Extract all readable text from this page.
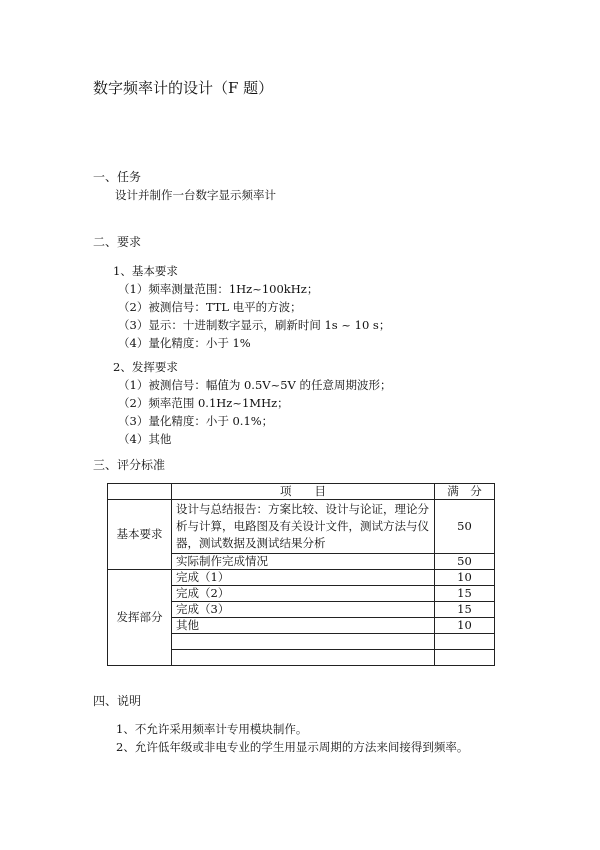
数字频率计的设计（F 题）
一、任务
设计并制作一台数字显示频率计
二、要求
1、基本要求
（1）频率测量范围：1Hz~100kHz；
（2）被测信号：TTL 电平的方波；
（3）显示：十进制数字显示，刷新时间 1s ~ 10 s；
（4）量化精度：小于 1%
2、发挥要求
（1）被测信号：幅值为 0.5V~5V 的任意周期波形；
（2）频率范围 0.1Hz~1MHz；
（3）量化精度：小于 0.1%；
（4）其他
三、评分标准
	项　　目	满　分
基本要求	设计与总结报告：方案比较、设计与论证，理论分析与计算，电路图及有关设计文件，测试方法与仪器，测试数据及测试结果分析	50
	实际制作完成情况	50
发挥部分	完成（1）	10
	完成（2）	15
	完成（3）	15
	其他	10

四、说明
1、不允许采用频率计专用模块制作。
2、允许低年级或非电专业的学生用显示周期的方法来间接得到频率。
